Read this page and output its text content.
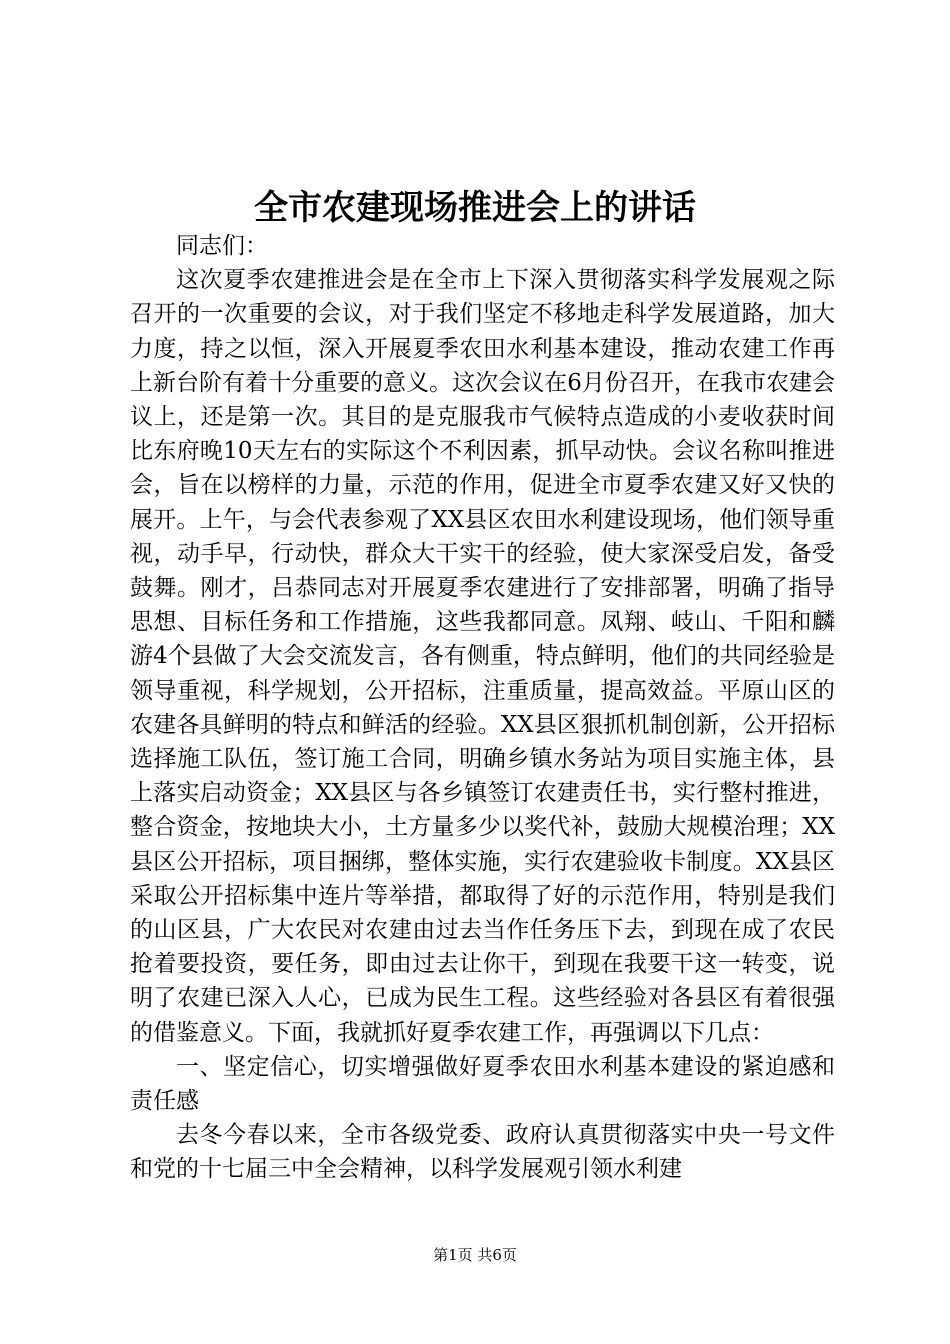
全市农建现场推进会上的讲话

同志们：

这次夏季农建推进会是在全市上下深入贯彻落实科学发展观之际召开的一次重要的会议，对于我们坚定不移地走科学发展道路，加大力度，持之以恒，深入开展夏季农田水利基本建设，推动农建工作再上新台阶有着十分重要的意义。这次会议在6月份召开，在我市农建会议上，还是第一次。其目的是克服我市气候特点造成的小麦收获时间比东府晚10天左右的实际这个不利因素，抓早动快。会议名称叫推进会，旨在以榜样的力量，示范的作用，促进全市夏季农建又好又快的展开。上午，与会代表参观了XX县区农田水利建设现场，他们领导重视，动手早，行动快，群众大干实干的经验，使大家深受启发，备受鼓舞。刚才，吕恭同志对开展夏季农建进行了安排部署，明确了指导思想、目标任务和工作措施，这些我都同意。凤翔、岐山、千阳和麟游4个县做了大会交流发言，各有侧重，特点鲜明，他们的共同经验是领导重视，科学规划，公开招标，注重质量，提高效益。平原山区的农建各具鲜明的特点和鲜活的经验。XX县区狠抓机制创新，公开招标选择施工队伍，签订施工合同，明确乡镇水务站为项目实施主体，县上落实启动资金；XX县区与各乡镇签订农建责任书，实行整村推进，整合资金，按地块大小，土方量多少以奖代补，鼓励大规模治理；XX县区公开招标，项目捆绑，整体实施，实行农建验收卡制度。XX县区采取公开招标集中连片等举措，都取得了好的示范作用，特别是我们的山区县，广大农民对农建由过去当作任务压下去，到现在成了农民抢着要投资，要任务，即由过去让你干，到现在我要干这一转变，说明了农建已深入人心，已成为民生工程。这些经验对各县区有着很强的借鉴意义。下面，我就抓好夏季农建工作，再强调以下几点：

一、坚定信心，切实增强做好夏季农田水利基本建设的紧迫感和责任感

去冬今春以来，全市各级党委、政府认真贯彻落实中央一号文件和党的十七届三中全会精神，以科学发展观引领水利建

第1页 共6页
